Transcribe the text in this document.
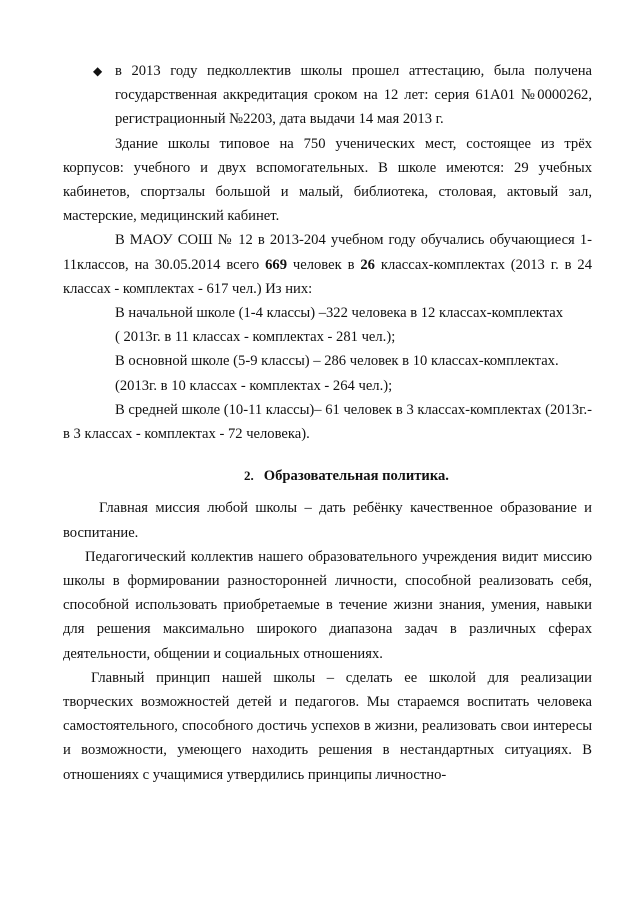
◆ в 2013 году педколлектив школы прошел аттестацию, была получена государственная аккредитация сроком на 12 лет: серия 61А01 №0000262, регистрационный №2203, дата выдачи 14 мая 2013 г.

Здание школы типовое на 750 ученических мест, состоящее из трёх корпусов: учебного и двух вспомогательных. В школе имеются: 29 учебных кабинетов, спортзалы большой и малый, библиотека, столовая, актовый зал, мастерские, медицинский кабинет.

В МАОУ СОШ № 12 в 2013-204 учебном году обучались обучающиеся 1-11классов, на 30.05.2014 всего 669 человек в 26 классах-комплектах (2013 г. в 24 классах - комплектах - 617 чел.) Из них:

В начальной школе (1-4 классы) –322 человека в 12 классах-комплектах

( 2013г. в 11 классах - комплектах - 281 чел.);

В основной школе (5-9 классы) – 286 человек в 10 классах-комплектах.

(2013г. в 10 классах - комплектах - 264 чел.);

В средней школе (10-11 классы)– 61 человек в 3 классах-комплектах (2013г.- в 3 классах - комплектах - 72 человека).

2. Образовательная политика.

Главная миссия любой школы – дать ребёнку качественное образование и воспитание.

Педагогический коллектив нашего образовательного учреждения видит миссию школы в формировании разносторонней личности, способной реализовать себя, способной использовать приобретаемые в течение жизни знания, умения, навыки для решения максимально широкого диапазона задач в различных сферах деятельности, общении и социальных отношениях.

Главный принцип нашей школы – сделать ее школой для реализации творческих возможностей детей и педагогов. Мы стараемся воспитать человека самостоятельного, способного достичь успехов в жизни, реализовать свои интересы и возможности, умеющего находить решения в нестандартных ситуациях. В отношениях с учащимися утвердились принципы личностно-
